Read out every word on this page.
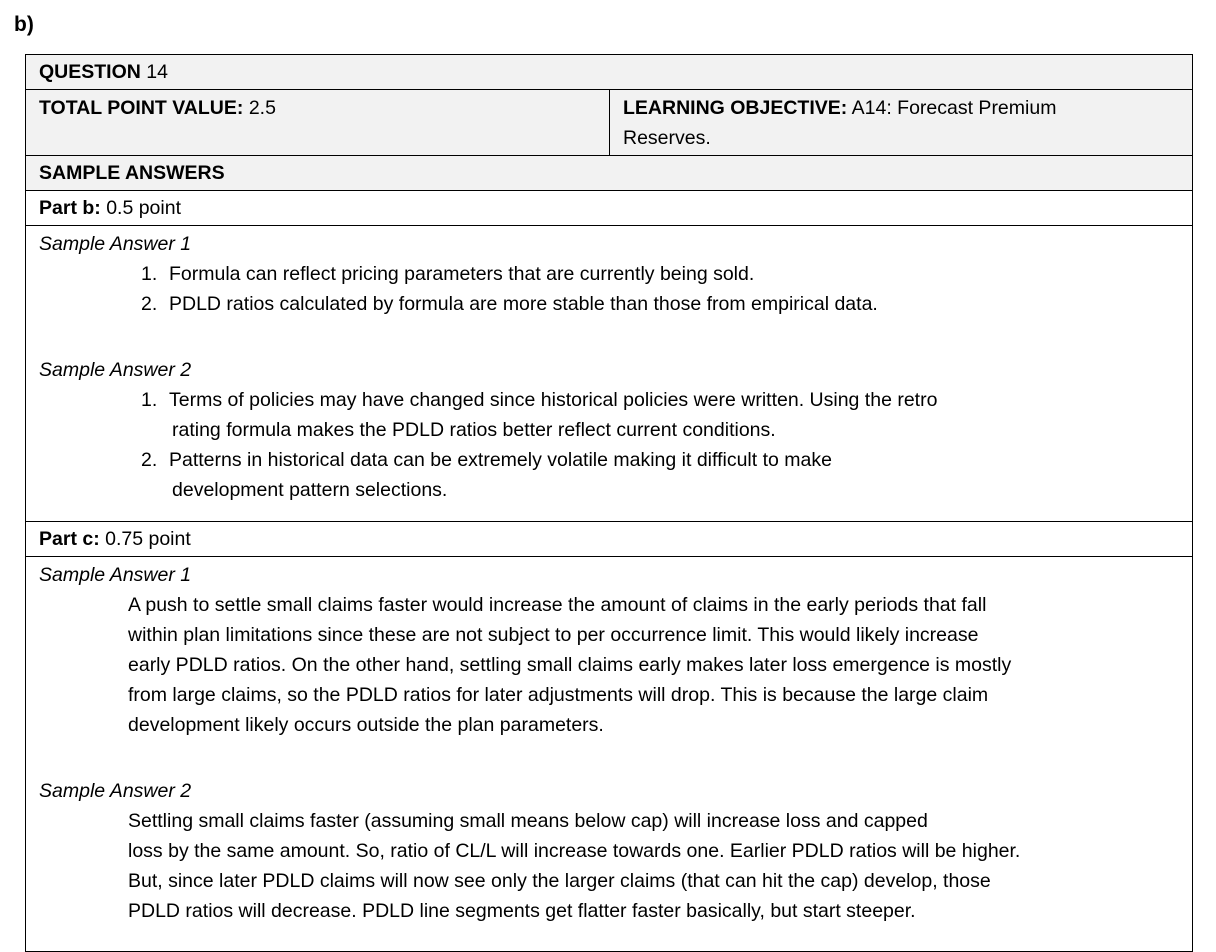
b)
QUESTION 14
TOTAL POINT VALUE: 2.5	LEARNING OBJECTIVE: A14: Forecast Premium
Reserves.
SAMPLE ANSWERS
Part b: 0.5 point

Sample Answer 1
1. Formula can reflect pricing parameters that are currently being sold.
2. PDLD ratios calculated by formula are more stable than those from empirical data.
Sample Answer 2
1. Terms of policies may have changed since historical policies were written. Using the retro
rating formula makes the PDLD ratios better reflect current conditions.
2. Patterns in historical data can be extremely volatile making it difficult to make
development pattern selections.

Part c: 0.75 point

Sample Answer 1
A push to settle small claims faster would increase the amount of claims in the early periods that fall
within plan limitations since these are not subject to per occurrence limit. This would likely increase
early PDLD ratios. On the other hand, settling small claims early makes later loss emergence is mostly
from large claims, so the PDLD ratios for later adjustments will drop. This is because the large claim
development likely occurs outside the plan parameters.
Sample Answer 2
Settling small claims faster (assuming small means below cap) will increase loss and capped
loss by the same amount. So, ratio of CL/L will increase towards one. Earlier PDLD ratios will be higher.
But, since later PDLD claims will now see only the larger claims (that can hit the cap) develop, those
PDLD ratios will decrease. PDLD line segments get flatter faster basically, but start steeper.
